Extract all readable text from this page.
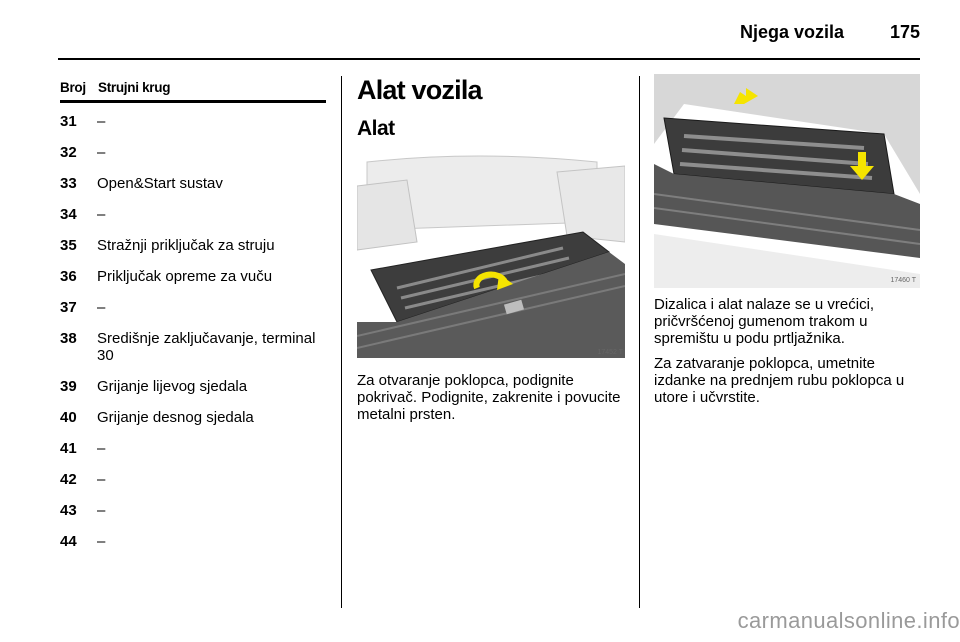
Njega vozila	175
Broj Strujni krug
31	–
32	–
33	Open&Start sustav
34	–
35	Stražnji priključak za struju
36	Priključak opreme za vuču
37	–
38	Središnje zaključavanje, terminal 30
39	Grijanje lijevog sjedala
40	Grijanje desnog sjedala
41	–
42	–
43	–
44	–
Alat vozila
Alat
17452 T
Za otvaranje poklopca, podignite pokrivač. Podignite, zakrenite i povucite metalni prsten.
17460 T

Dizalica i alat nalaze se u vrećici, pričvršćenoj gumenom trakom u spremištu u podu prtljažnika.

Za zatvaranje poklopca, umetnite izdanke na prednjem rubu poklopca u utore i učvrstite.

carmanualsonline.info
